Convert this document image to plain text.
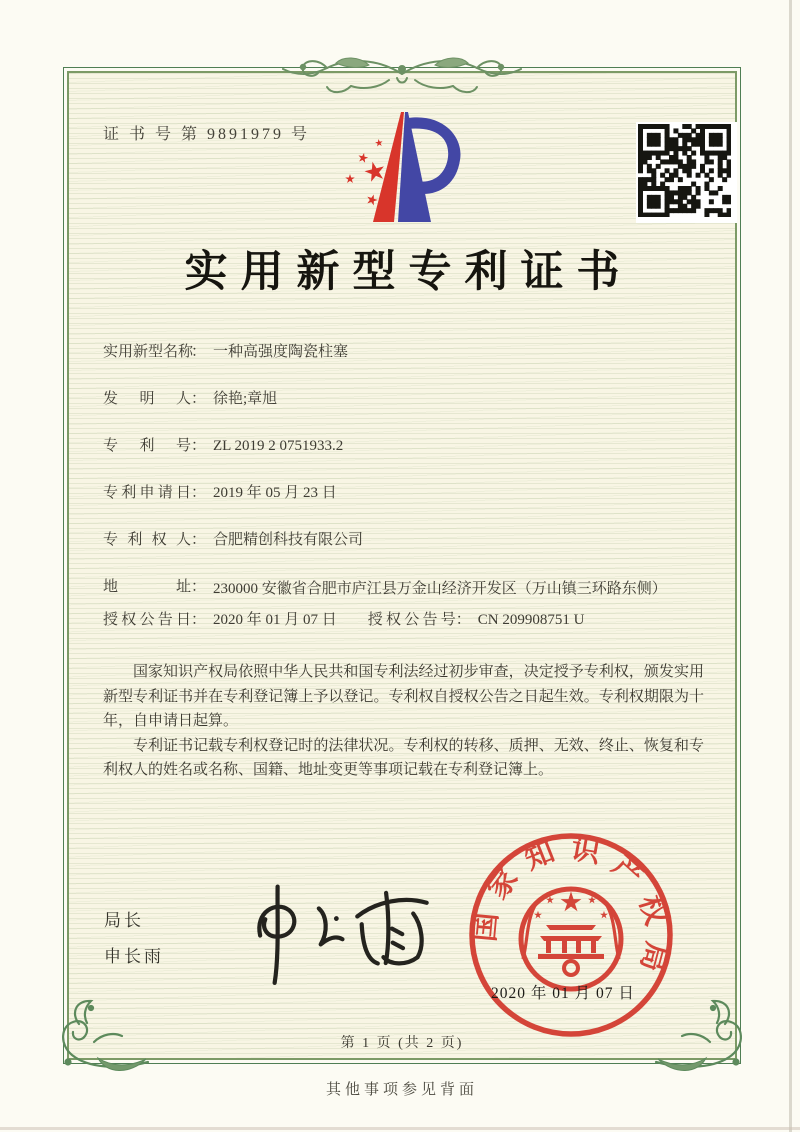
证 书 号 第 9891979 号
实用新型专利证书
实用新型名称： 一种高强度陶瓷柱塞
发明人： 徐艳;章旭
专利号： ZL 2019 2 0751933.2
专利申请日： 2019 年 05 月 23 日
专利权人： 合肥精创科技有限公司
地址： 230000 安徽省合肥市庐江县万金山经济开发区（万山镇三环路东侧）
授权公告日： 2020 年 01 月 07 日 授权公告号： CN 209908751 U

国家知识产权局依照中华人民共和国专利法经过初步审查，决定授予专利权，颁发实用新型专利证书并在专利登记簿上予以登记。专利权自授权公告之日起生效。专利权期限为十年，自申请日起算。

专利证书记载专利权登记时的法律状况。专利权的转移、质押、无效、终止、恢复和专利权人的姓名或名称、国籍、地址变更等事项记载在专利登记簿上。

局长
申长雨
国家知识产权局
2020 年 01 月 07 日
第 1 页 (共 2 页)
其他事项参见背面
